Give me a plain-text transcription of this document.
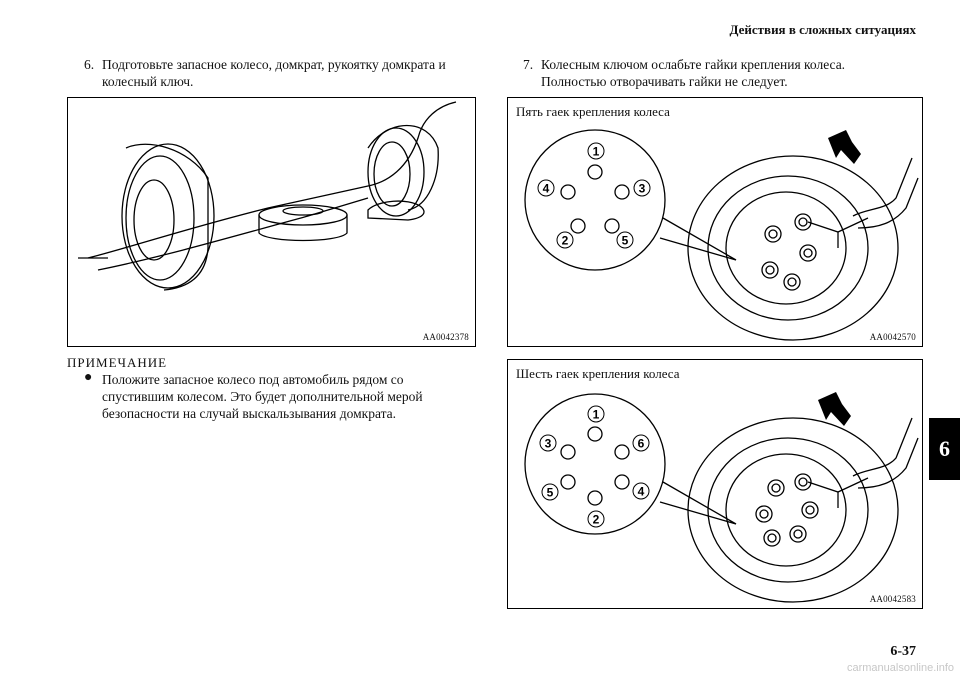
Действия в сложных ситуациях
6. Подготовьте запасное колесо, домкрат, рукоятку домкрата и
колесный ключ.
7. Колесным ключом ослабьте гайки крепления колеса.
Полностью отворачивать гайки не следует.
AA0042378
Пять гаек крепления колеса
1
2
3
4
5
AA0042570
Шесть гаек крепления колеса
1
2
3
4
5
6
AA0042583
ПРИМЕЧАНИЕ
● Положите запасное колесо под автомобиль рядом со
спустившим колесом. Это будет дополнительной мерой
безопасности на случай выскальзывания домкрата.
6
6-37
carmanualsonline.info
